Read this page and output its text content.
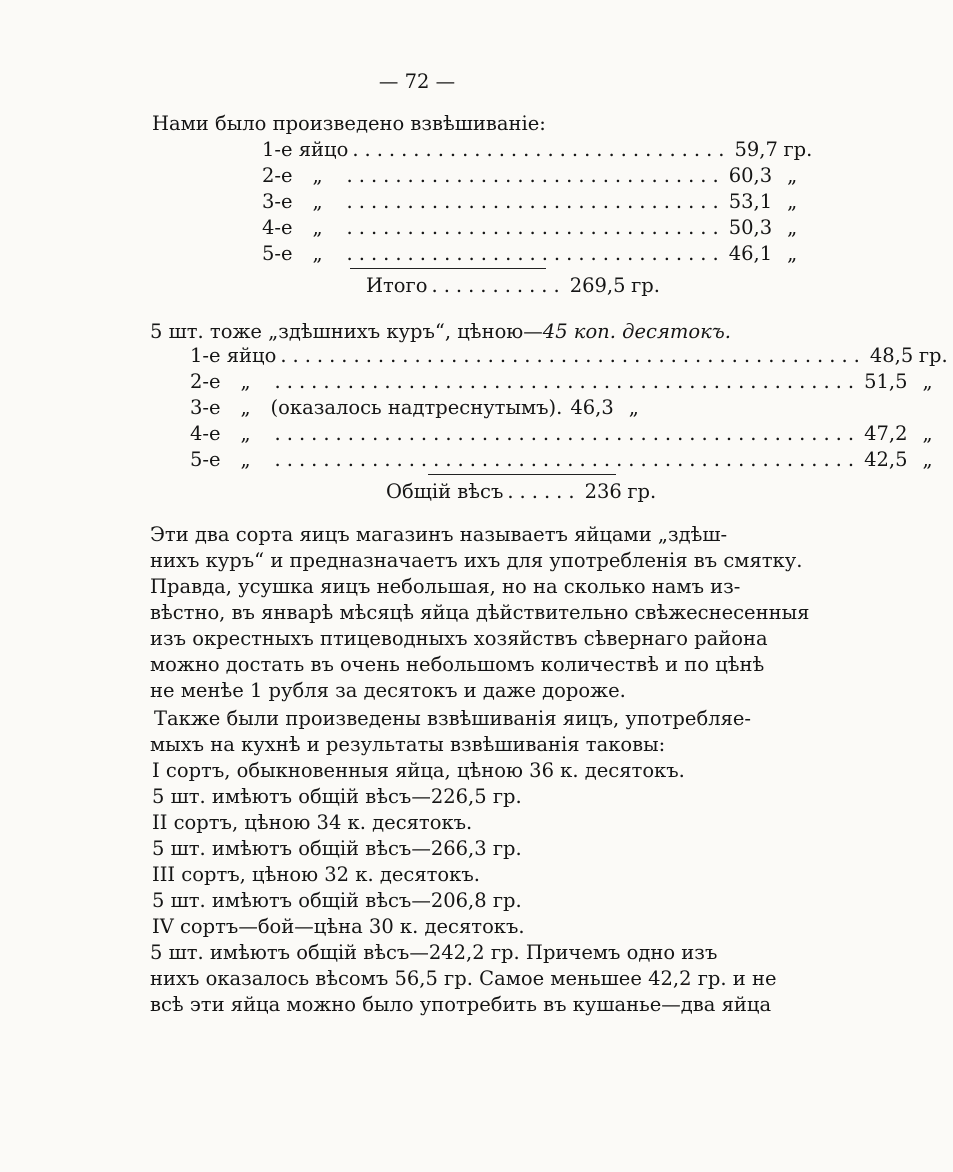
— 72 —
Нами было произведено взвѣшиваніе:
1-е яйцо ............................... 59,7 гр.
2-е	„	............................... 60,3 „
3-е	„	............................... 53,1 „
4-е	„	............................... 50,3 „
5-е	„	............................... 46,1 „
Итого ........... 269,5 гр.
5 шт. тоже „здѣшнихъ куръ“, цѣною—45 коп. десятокъ.
1-е яйцо ................................................ 48,5 гр.
2-е	„	................................................ 51,5 „
3-е	„	(оказалось надтреснутымъ). 46,3 „
4-е	„	................................................ 47,2 „
5-е	„	................................................ 42,5 „
Общій вѣсъ ...... 236 гр.
Эти два сорта яицъ магазинъ называетъ яйцами „здѣш-
нихъ куръ“ и предназначаетъ ихъ для употребленія въ смятку.
Правда, усушка яицъ небольшая, но на сколько намъ из-
вѣстно, въ январѣ мѣсяцѣ яйца дѣйствительно свѣжеснесенныя
изъ окрестныхъ птицеводныхъ хозяйствъ сѣвернаго района
можно достать въ очень небольшомъ количествѣ и по цѣнѣ
не менѣе 1 рубля за десятокъ и даже дороже.
Также были произведены взвѣшиванія яицъ, употребляе-
мыхъ на кухнѣ и результаты взвѣшиванія таковы:
I сортъ, обыкновенныя яйца, цѣною 36 к. десятокъ.
5 шт. имѣютъ общій вѣсъ—226,5 гр.
II сортъ, цѣною 34 к. десятокъ.
5 шт. имѣютъ общій вѣсъ—266,3 гр.
III сортъ, цѣною 32 к. десятокъ.
5 шт. имѣютъ общій вѣсъ—206,8 гр.
IV сортъ—бой—цѣна 30 к. десятокъ.
5 шт. имѣютъ общій вѣсъ—242,2 гр. Причемъ одно изъ
нихъ оказалось вѣсомъ 56,5 гр. Самое меньшее 42,2 гр. и не
всѣ эти яйца можно было употребить въ кушанье—два яйца
